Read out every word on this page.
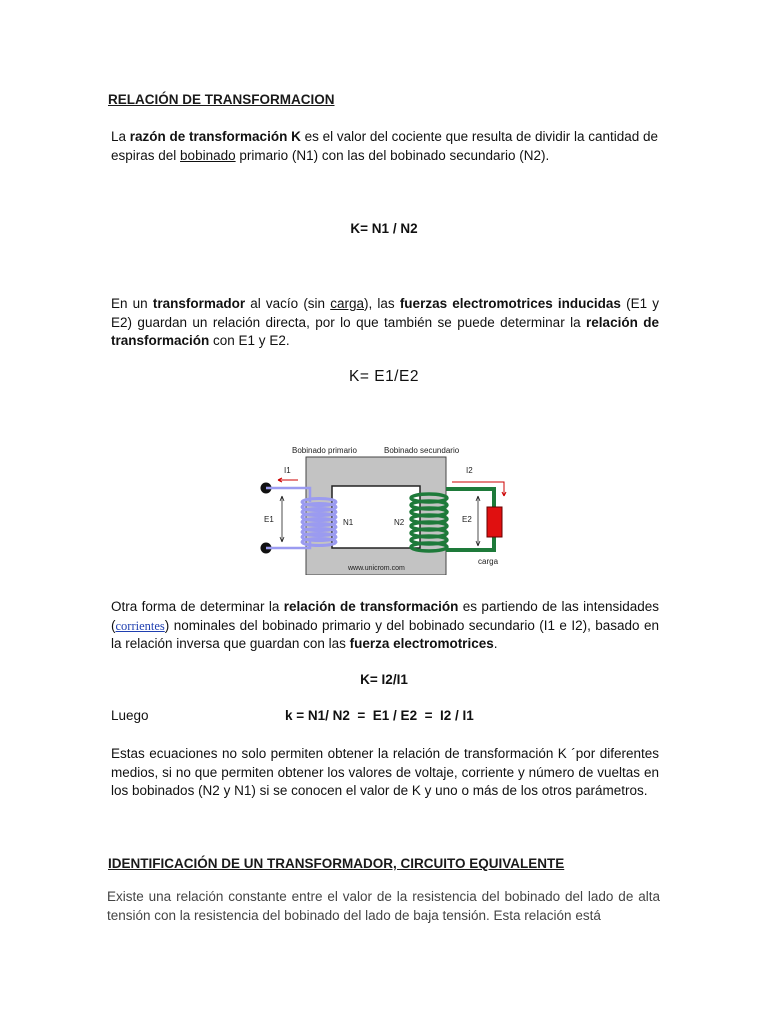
RELACIÓN DE TRANSFORMACION
La razón de transformación K es el valor del cociente que resulta de dividir la cantidad de espiras del bobinado primario (N1) con las del bobinado secundario (N2).
K= N1 / N2
En un transformador al vacío (sin carga), las fuerzas electromotrices inducidas (E1 y E2) guardan un relación directa, por lo que también se puede determinar la relación de transformación con E1 y E2.
K= E1/E2
Bobinado primario	Bobinado secundario
I1	I2
E1	E2
N1	N2
carga
www.unicrom.com
Otra forma de determinar la relación de transformación es partiendo de las intensidades (corrientes) nominales del bobinado primario y del bobinado secundario (I1 e I2), basado en la relación inversa que guardan con las fuerza electromotrices.
K= I2/I1
Luego	k = N1/ N2  =  E1 / E2  =  I2 / I1
Estas ecuaciones no solo permiten obtener la relación de transformación K ´por diferentes medios, si no que permiten obtener los valores de voltaje, corriente y número de vueltas en los bobinados (N2 y N1) si se conocen el valor de K y uno o más de los otros parámetros.
IDENTIFICACIÓN DE UN TRANSFORMADOR, CIRCUITO EQUIVALENTE
Existe una relación constante entre el valor de la resistencia del bobinado del lado de alta tensión con la resistencia del bobinado del lado de baja tensión. Esta relación está
